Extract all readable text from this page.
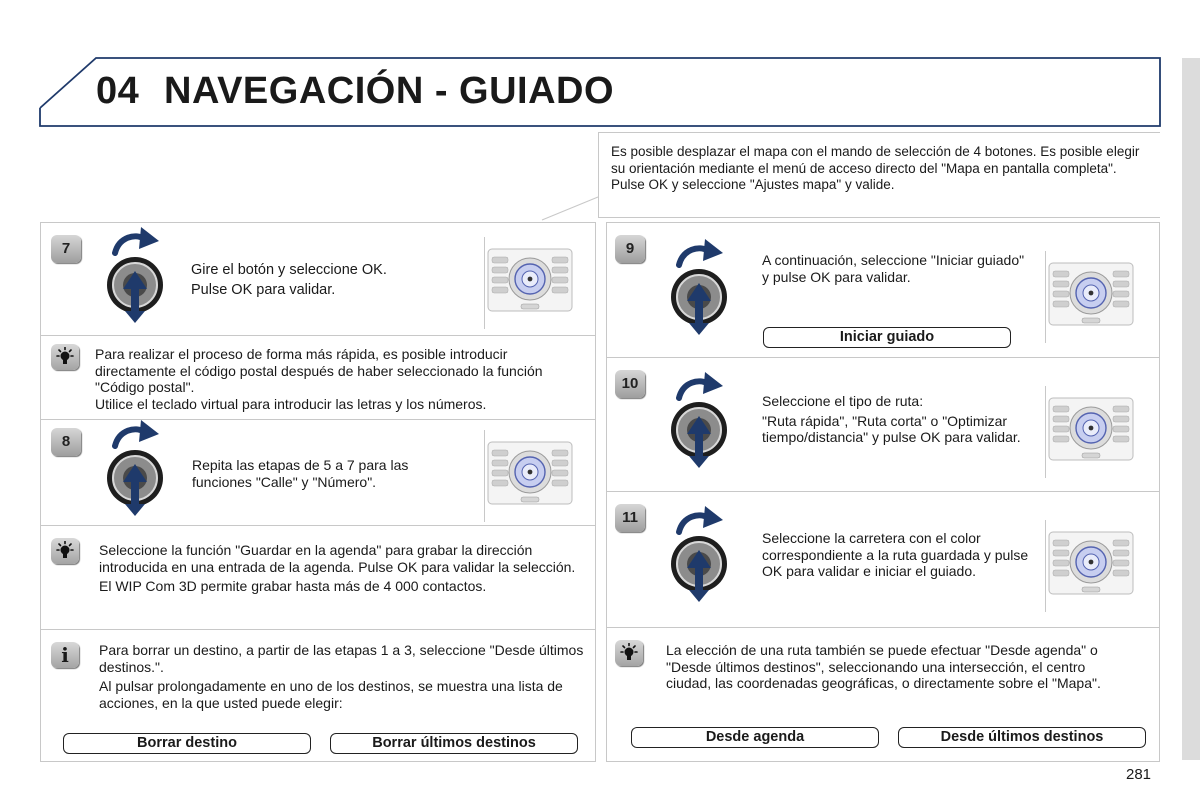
04 NAVEGACIÓN - GUIADO
Es posible desplazar el mapa con el mando de selección de 4 botones. Es posible elegir su orientación mediante el menú de acceso directo del "Mapa en pantalla completa". Pulse OK y seleccione "Ajustes mapa" y valide.
7

Gire el botón y seleccione OK.

Pulse OK para validar.

Para realizar el proceso de forma más rápida, es posible introducir directamente el código postal después de haber seleccionado la función "Código postal".
Utilice el teclado virtual para introducir las letras y los números.
8
Repita las etapas de 5 a 7 para las funciones "Calle" y "Número".

Seleccione la función "Guardar en la agenda" para grabar la dirección introducida en una entrada de la agenda. Pulse OK para validar la selección.

El WIP Com 3D permite grabar hasta más de 4 000 contactos.

i	Para borrar un destino, a partir de las etapas 1 a 3, seleccione "Desde últimos destinos.".

Al pulsar prolongadamente en uno de los destinos, se muestra una lista de acciones, en la que usted puede elegir:

Borrar destino	Borrar últimos destinos
9
A continuación, seleccione "Iniciar guiado" y pulse OK para validar.
Iniciar guiado
10

Seleccione el tipo de ruta:

"Ruta rápida", "Ruta corta" o "Optimizar tiempo/distancia" y pulse OK para validar.

11
Seleccione la carretera con el color correspondiente a la ruta guardada y pulse OK para validar e iniciar el guiado.
La elección de una ruta también se puede efectuar "Desde agenda" o "Desde últimos destinos", seleccionando una intersección, el centro ciudad, las coordenadas geográficas, o directamente sobre el "Mapa".
Desde agenda	Desde últimos destinos
281
